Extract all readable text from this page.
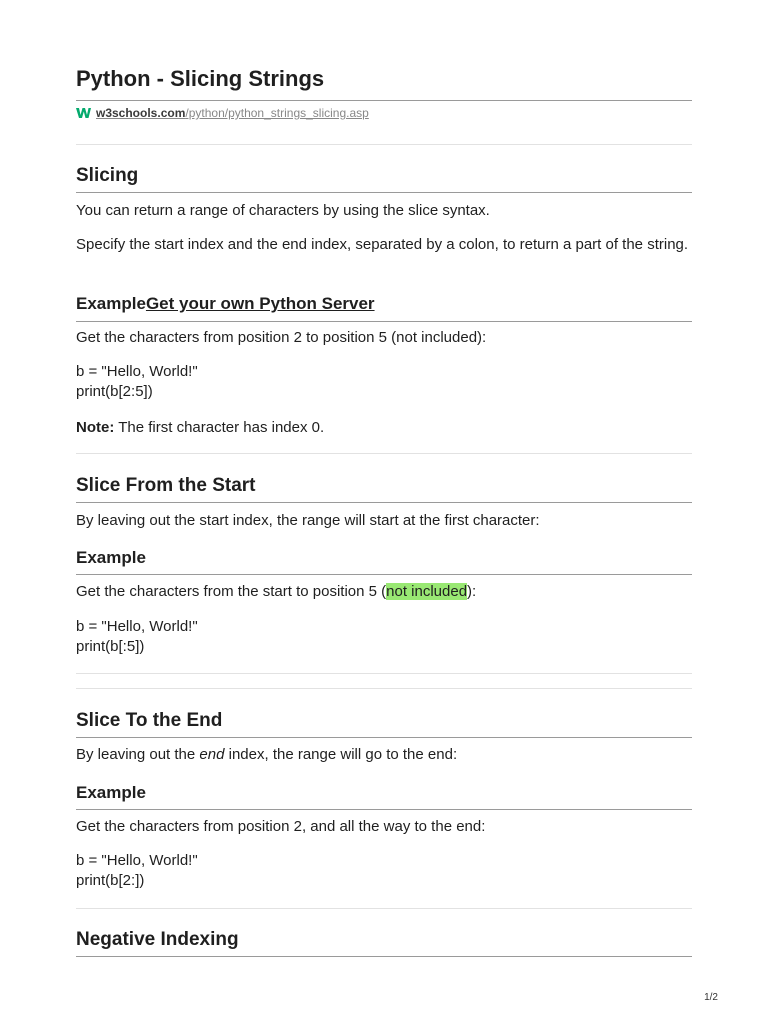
Python - Slicing Strings
w3schools.com/python/python_strings_slicing.asp
Slicing

You can return a range of characters by using the slice syntax.

Specify the start index and the end index, separated by a colon, to return a part of the string.

ExampleGet your own Python Server

Get the characters from position 2 to position 5 (not included):

b = "Hello, World!"

print(b[2:5])

Note: The first character has index 0.

Slice From the Start

By leaving out the start index, the range will start at the first character:

Example

Get the characters from the start to position 5 (not included):

b = "Hello, World!"

print(b[:5])

Slice To the End

By leaving out the end index, the range will go to the end:

Example

Get the characters from position 2, and all the way to the end:

b = "Hello, World!"

print(b[2:])

Negative Indexing
1/2
